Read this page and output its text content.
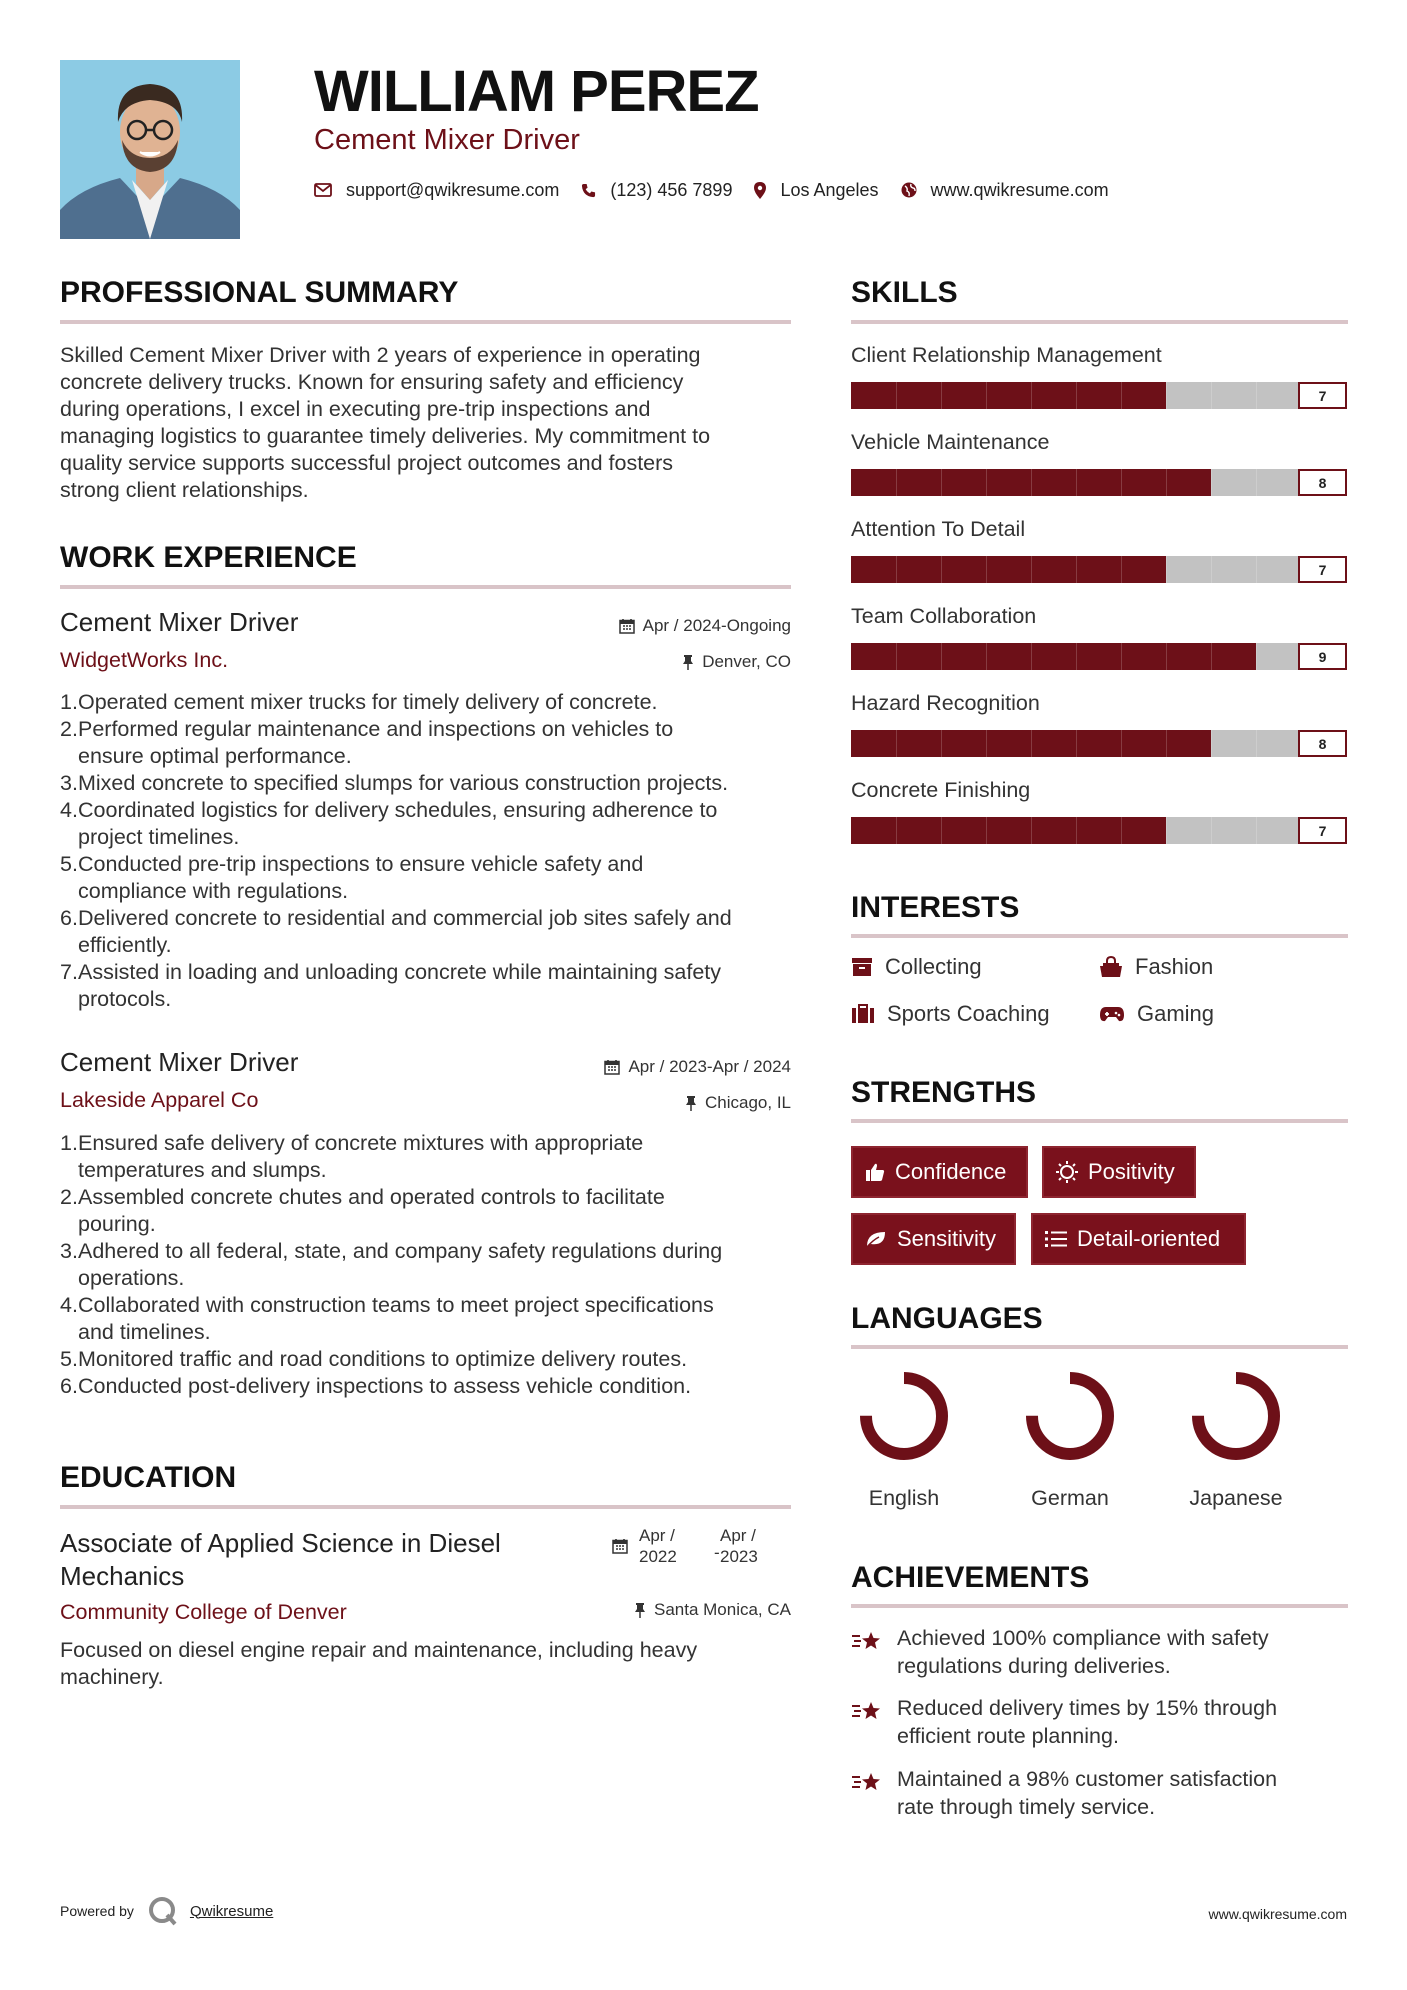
WILLIAM PEREZ
Cement Mixer Driver
support@qwikresume.com	(123) 456 7899	Los Angeles	www.qwikresume.com
PROFESSIONAL SUMMARY
Skilled Cement Mixer Driver with 2 years of experience in operating
concrete delivery trucks. Known for ensuring safety and efficiency
during operations, I excel in executing pre-trip inspections and
managing logistics to guarantee timely deliveries. My commitment to
quality service supports successful project outcomes and fosters
strong client relationships.
WORK EXPERIENCE
Cement Mixer Driver	Apr / 2024-Ongoing
WidgetWorks Inc.	Denver, CO
1. Operated cement mixer trucks for timely delivery of concrete.
2. Performed regular maintenance and inspections on vehicles to
ensure optimal performance.
3. Mixed concrete to specified slumps for various construction projects.
4. Coordinated logistics for delivery schedules, ensuring adherence to
project timelines.
5. Conducted pre-trip inspections to ensure vehicle safety and
compliance with regulations.
6. Delivered concrete to residential and commercial job sites safely and
efficiently.
7. Assisted in loading and unloading concrete while maintaining safety
protocols.
Cement Mixer Driver	Apr / 2023-Apr / 2024
Lakeside Apparel Co	Chicago, IL
1. Ensured safe delivery of concrete mixtures with appropriate
temperatures and slumps.
2. Assembled concrete chutes and operated controls to facilitate
pouring.
3. Adhered to all federal, state, and company safety regulations during
operations.
4. Collaborated with construction teams to meet project specifications
and timelines.
5. Monitored traffic and road conditions to optimize delivery routes.
6. Conducted post-delivery inspections to assess vehicle condition.
EDUCATION
Associate of Applied Science in Diesel
Mechanics
Apr /
2022 -
Apr /
2023
Community College of Denver	Santa Monica, CA
Focused on diesel engine repair and maintenance, including heavy
machinery.
SKILLS
Client Relationship Management
7
Vehicle Maintenance
8
Attention To Detail
7
Team Collaboration
9
Hazard Recognition
8
Concrete Finishing
7
INTERESTS
Collecting	Fashion
Sports Coaching	Gaming
STRENGTHS
Confidence	Positivity
Sensitivity	Detail-oriented
LANGUAGES
English	German	Japanese
ACHIEVEMENTS
Achieved 100% compliance with safety
regulations during deliveries.
Reduced delivery times by 15% through
efficient route planning.
Maintained a 98% customer satisfaction
rate through timely service.
Powered by	Qwikresume	www.qwikresume.com
